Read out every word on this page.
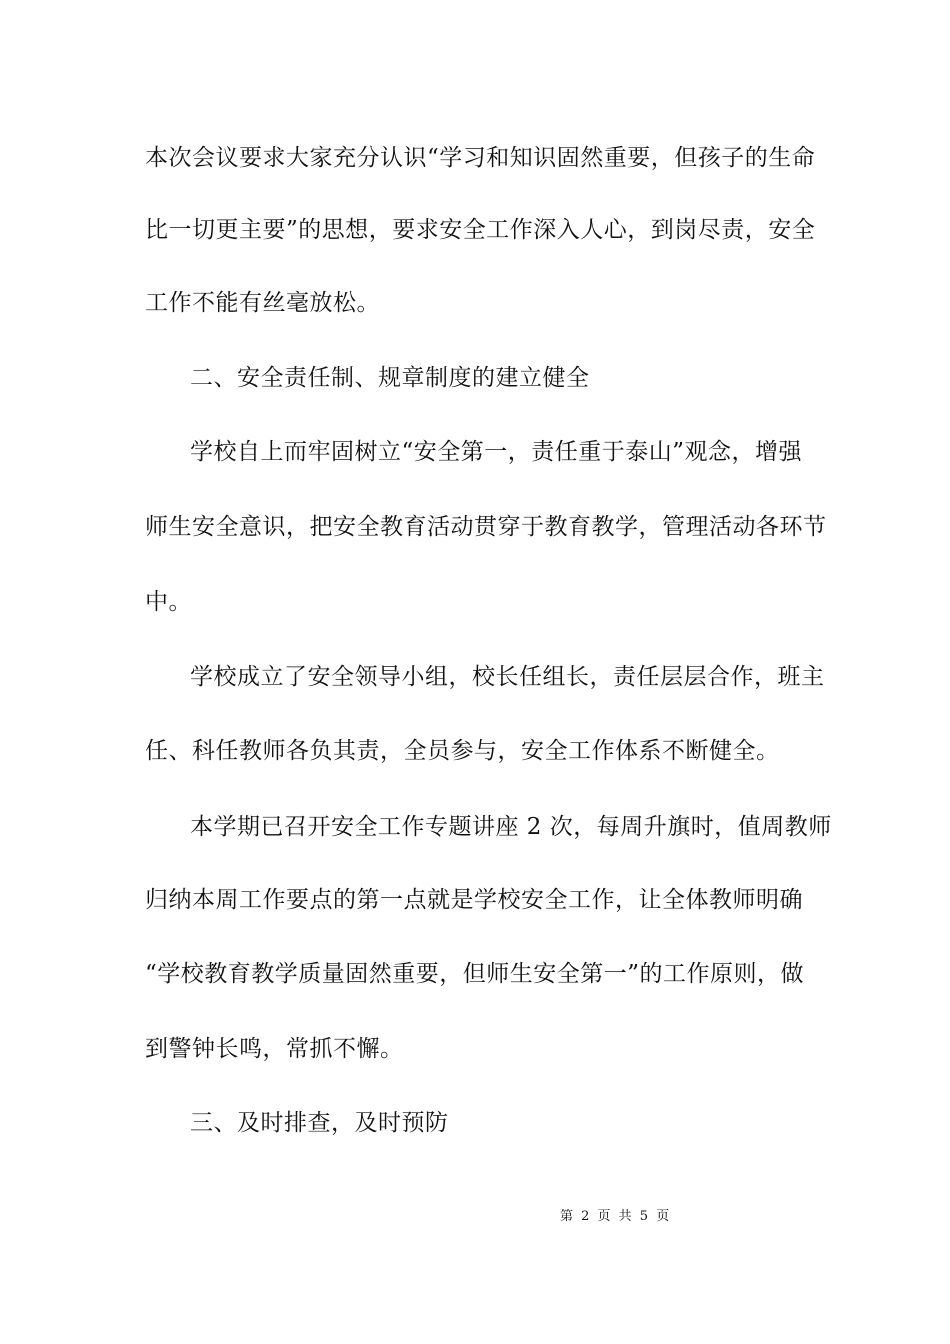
本次会议要求大家充分认识“学习和知识固然重要，但孩子的生命
比一切更主要”的思想，要求安全工作深入人心，到岗尽责，安全
工作不能有丝毫放松。
二、安全责任制、规章制度的建立健全
学校自上而牢固树立“安全第一，责任重于泰山”观念，增强
师生安全意识，把安全教育活动贯穿于教育教学，管理活动各环节
中。
学校成立了安全领导小组，校长任组长，责任层层合作，班主
任、科任教师各负其责，全员参与，安全工作体系不断健全。
本学期已召开安全工作专题讲座 2 次，每周升旗时，值周教师
归纳本周工作要点的第一点就是学校安全工作，让全体教师明确
“学校教育教学质量固然重要，但师生安全第一”的工作原则，做
到警钟长鸣，常抓不懈。
三、及时排查，及时预防
第 2 页 共 5 页
